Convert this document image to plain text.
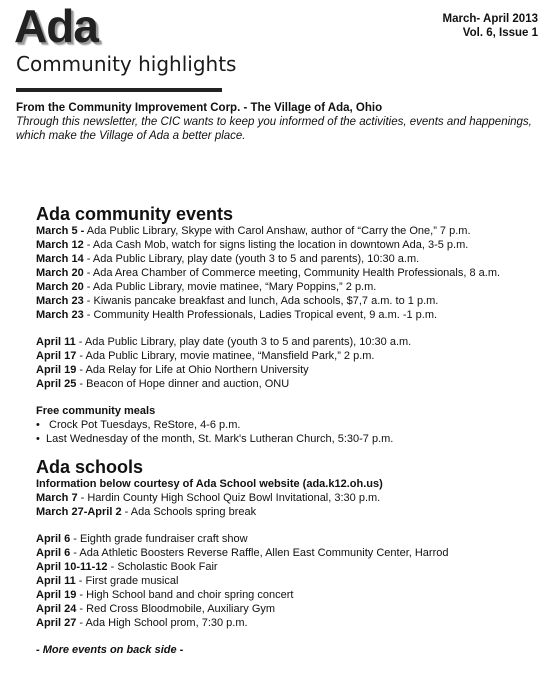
Ada
Community highlights
March- April 2013
Vol. 6, Issue 1
From the Community Improvement Corp. - The Village of Ada, Ohio
Through this newsletter, the CIC wants to keep you informed of the activities, events and happenings, which make the Village of Ada a better place.
Ada community events
March 5 - Ada Public Library, Skype with Carol Anshaw, author of “Carry the One,” 7 p.m.
March 12 - Ada Cash Mob, watch for signs listing the location in downtown Ada, 3-5 p.m.
March 14 - Ada Public Library, play date (youth 3 to 5 and parents), 10:30 a.m.
March 20 - Ada Area Chamber of Commerce meeting, Community Health Professionals, 8 a.m.
March 20 - Ada Public Library, movie matinee, “Mary Poppins,” 2 p.m.
March 23 - Kiwanis pancake breakfast and lunch, Ada schools, $7,7 a.m. to 1 p.m.
March 23 - Community Health Professionals, Ladies Tropical event, 9 a.m. -1 p.m.
April 11 - Ada Public Library, play date (youth 3 to 5 and parents), 10:30 a.m.
April 17 - Ada Public Library, movie matinee, “Mansfield Park,” 2 p.m.
April 19 - Ada Relay for Life at Ohio Northern University
April 25 - Beacon of Hope dinner and auction, ONU
Free community meals
• Crock Pot Tuesdays, ReStore, 4-6 p.m.
• Last Wednesday of the month, St. Mark's Lutheran Church, 5:30-7 p.m.
Ada schools
Information below courtesy of Ada School website (ada.k12.oh.us)
March 7 - Hardin County High School Quiz Bowl Invitational, 3:30 p.m.
March 27-April 2 - Ada Schools spring break
April 6 - Eighth grade fundraiser craft show
April 6 - Ada Athletic Boosters Reverse Raffle, Allen East Community Center, Harrod
April 10-11-12 - Scholastic Book Fair
April 11 - First grade musical
April 19 - High School band and choir spring concert
April 24 - Red Cross Bloodmobile, Auxiliary Gym
April 27 - Ada High School prom, 7:30 p.m.
- More events on back side -
